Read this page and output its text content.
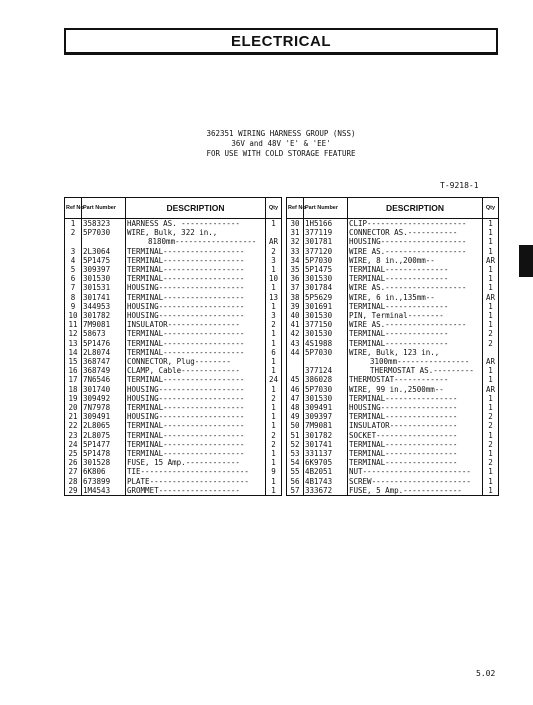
ELECTRICAL
362351 WIRING HARNESS GROUP (NSS)
36V and 48V 'E' & 'EE'
FOR USE WITH COLD STORAGE FEATURE
T-9218-1
Ref No	Part Number	DESCRIPTION	Qty
1	358323	HARNESS AS. -------------	1
2	5P7030	WIRE, Bulk, 322 in.,	
		8180mm------------------	AR
3	2L3064	TERMINAL------------------	2
4	5P1475	TERMINAL------------------	3
5	309397	TERMINAL------------------	1
6	301530	TERMINAL------------------	10
7	301531	HOUSING-------------------	1
8	301741	TERMINAL------------------	13
9	344953	HOUSING-------------------	1
10	301782	HOUSING-------------------	3
11	7M9081	INSULATOR----------------	2
12	58673	TERMINAL------------------	1
13	5P1476	TERMINAL------------------	1
14	2L8074	TERMINAL------------------	6
15	368747	CONNECTOR, Plug--------	1
16	368749	CLAMP, Cable-------------	1
17	7N6546	TERMINAL------------------	24
18	301740	HOUSING-------------------	1
19	309492	HOUSING-------------------	2
20	7N7978	TERMINAL------------------	1
21	309491	HOUSING-------------------	1
22	2L8065	TERMINAL------------------	1
23	2L8075	TERMINAL------------------	2
24	5P1477	TERMINAL------------------	2
25	5P1478	TERMINAL------------------	1
26	301528	FUSE, 15 Amp.------------	1
27	6K806	TIE------------------------	9
28	673899	PLATE----------------------	1
29	1M4543	GROMMET------------------	1
Ref No	Part Number	DESCRIPTION	Qty
30	1H5166	CLIP----------------------	1
31	377119	CONNECTOR AS.-----------	1
32	301781	HOUSING-------------------	1
33	377120	WIRE AS.------------------	1
34	5P7030	WIRE, 8 in.,200mm--	AR
35	5P1475	TERMINAL--------------	1
36	301530	TERMINAL--------------	1
37	301784	WIRE AS.------------------	1
38	5P5629	WIRE, 6 in.,135mm--	AR
39	301691	TERMINAL--------------	1
40	301530	PIN, Terminal--------	1
41	377150	WIRE AS.------------------	1
42	301530	TERMINAL--------------	2
43	4S1988	TERMINAL--------------	2
44	5P7030	WIRE, Bulk, 123 in.,	
		3100mm----------------	AR
	377124	THERMOSTAT AS.---------	1
45	386028	THERMOSTAT------------	1
46	5P7030	WIRE, 99 in.,2500mm--	AR
47	301530	TERMINAL----------------	1
48	309491	HOUSING-----------------	1
49	309397	TERMINAL----------------	2
50	7M9081	INSULATOR---------------	2
51	301782	SOCKET------------------	1
52	301741	TERMINAL----------------	2
53	331137	TERMINAL----------------	1
54	6K9705	TERMINAL----------------	2
55	4B2051	NUT------------------------	1
56	4B1743	SCREW----------------------	1
57	333672	FUSE, 5 Amp.-------------	1
5.02
